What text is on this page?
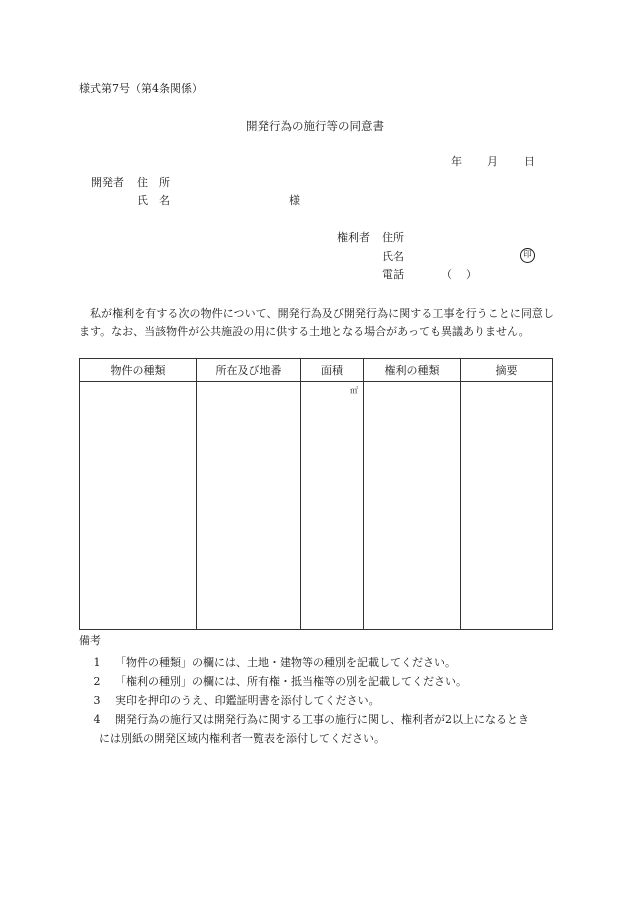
様式第7号（第4条関係）
開発行為の施行等の同意書
年 月 日
開発者 住　所
氏　名	様
権利者 住所
氏名	印
電話	（ ）

私が権利を有する次の物件について、開発行為及び開発行為に関する工事を行うことに同意します。なお、当該物件が公共施設の用に供する土地となる場合があっても異議ありません。

物件の種類	所在及び地番	面積	権利の種類	摘要

		㎡		

備考
1	「物件の種類」の欄には、土地・建物等の種別を記載してください。
2	「権利の種別」の欄には、所有権・抵当権等の別を記載してください。
3	実印を押印のうえ、印鑑証明書を添付してください。
4	開発行為の施行又は開発行為に関する工事の施行に関し、権利者が2以上になるとき
には別紙の開発区域内権利者一覧表を添付してください。
